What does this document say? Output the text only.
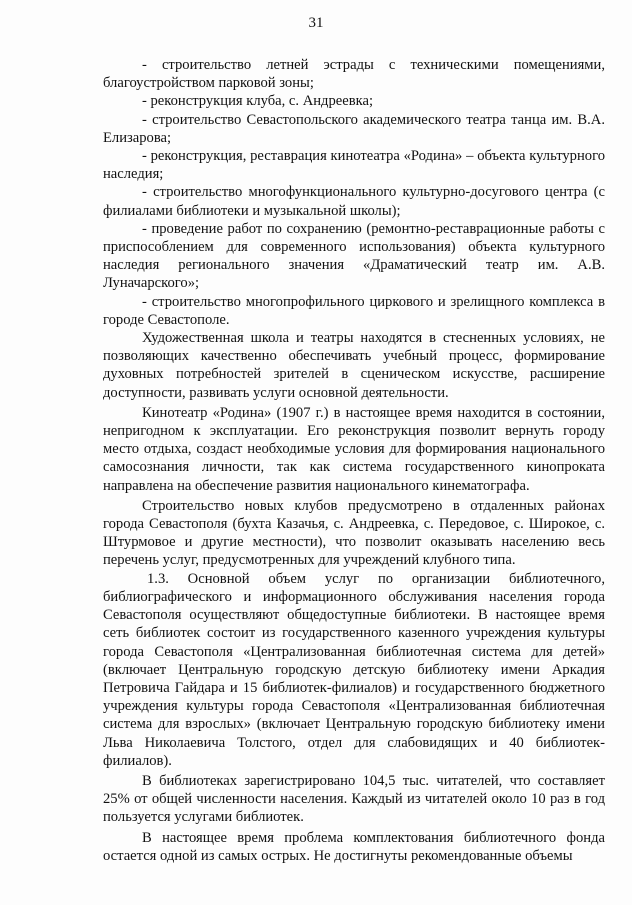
31

- строительство летней эстрады с техническими помещениями, благоустройством парковой зоны;

- реконструкция клуба, с. Андреевка;

- строительство Севастопольского академического театра танца им. В.А. Елизарова;

- реконструкция, реставрация кинотеатра «Родина» – объекта культурного наследия;

- строительство многофункционального культурно-досугового центра (с филиалами библиотеки и музыкальной школы);

- проведение работ по сохранению (ремонтно-реставрационные работы с приспособлением для современного использования) объекта культурного наследия регионального значения «Драматический театр им. А.В. Луначарского»;

- строительство многопрофильного циркового и зрелищного комплекса в городе Севастополе.

Художественная школа и театры находятся в стесненных условиях, не позволяющих качественно обеспечивать учебный процесс, формирование духовных потребностей зрителей в сценическом искусстве, расширение доступности, развивать услуги основной деятельности.

Кинотеатр «Родина» (1907 г.) в настоящее время находится в состоянии, непригодном к эксплуатации. Его реконструкция позволит вернуть городу место отдыха, создаст необходимые условия для формирования национального самосознания личности, так как система государственного кинопроката направлена на обеспечение развития национального кинематографа.

Строительство новых клубов предусмотрено в отдаленных районах города Севастополя (бухта Казачья, с. Андреевка, с. Передовое, с. Широкое, с. Штурмовое и другие местности), что позволит оказывать населению весь перечень услуг, предусмотренных для учреждений клубного типа.

1.3. Основной объем услуг по организации библиотечного, библиографического и информационного обслуживания населения города Севастополя осуществляют общедоступные библиотеки. В настоящее время сеть библиотек состоит из государственного казенного учреждения культуры города Севастополя «Централизованная библиотечная система для детей» (включает Центральную городскую детскую библиотеку имени Аркадия Петровича Гайдара и 15 библиотек-филиалов) и государственного бюджетного учреждения культуры города Севастополя «Централизованная библиотечная система для взрослых» (включает Центральную городскую библиотеку имени Льва Николаевича Толстого, отдел для слабовидящих и 40 библиотек-филиалов).

В библиотеках зарегистрировано 104,5 тыс. читателей, что составляет 25% от общей численности населения. Каждый из читателей около 10 раз в год пользуется услугами библиотек.

В настоящее время проблема комплектования библиотечного фонда остается одной из самых острых. Не достигнуты рекомендованные объемы
